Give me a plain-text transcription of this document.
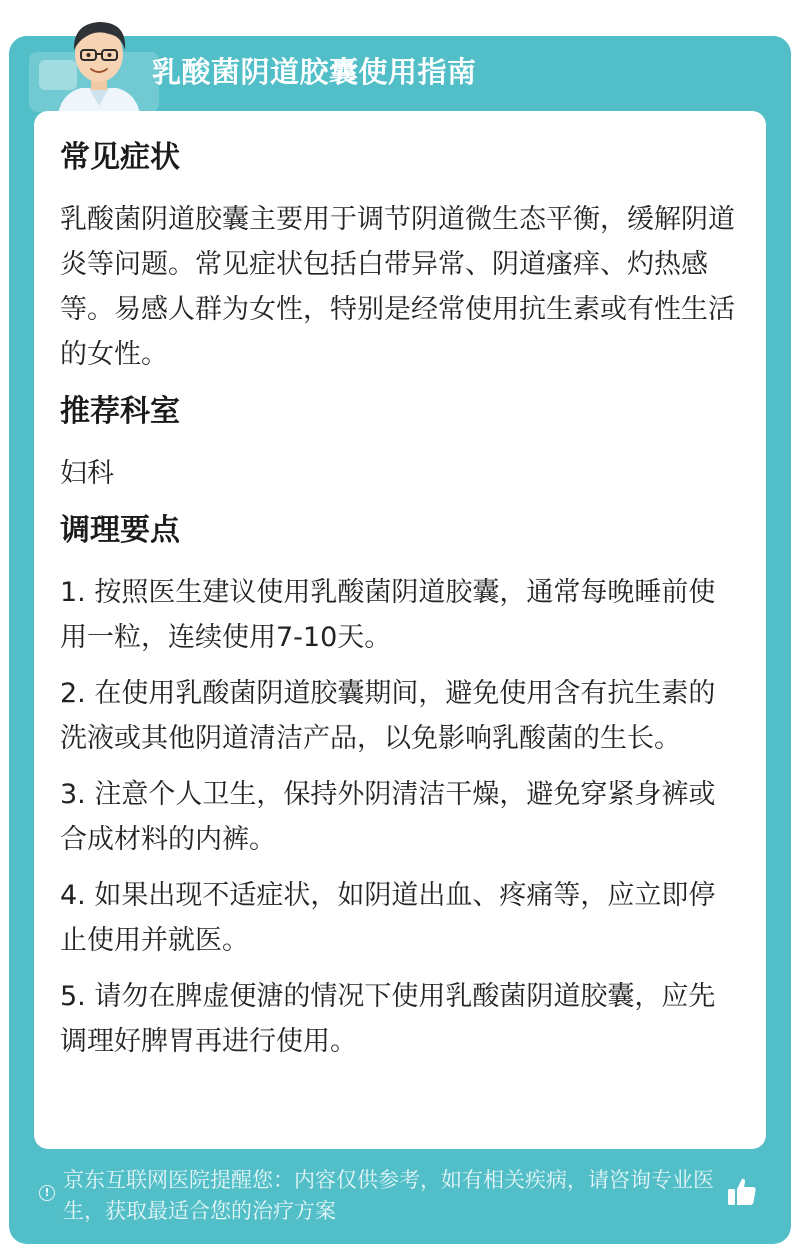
乳酸菌阴道胶囊使用指南
常见症状

乳酸菌阴道胶囊主要用于调节阴道微生态平衡，缓解阴道炎等问题。常见症状包括白带异常、阴道瘙痒、灼热感等。易感人群为女性，特别是经常使用抗生素或有性生活的女性。

推荐科室

妇科

调理要点

1. 按照医生建议使用乳酸菌阴道胶囊，通常每晚睡前使用一粒，连续使用7-10天。

2. 在使用乳酸菌阴道胶囊期间，避免使用含有抗生素的洗液或其他阴道清洁产品，以免影响乳酸菌的生长。

3. 注意个人卫生，保持外阴清洁干燥，避免穿紧身裤或合成材料的内裤。

4. 如果出现不适症状，如阴道出血、疼痛等，应立即停止使用并就医。

5. 请勿在脾虚便溏的情况下使用乳酸菌阴道胶囊，应先调理好脾胃再进行使用。

!
京东互联网医院提醒您：内容仅供参考，如有相关疾病，请咨询专业医生，获取最适合您的治疗方案
